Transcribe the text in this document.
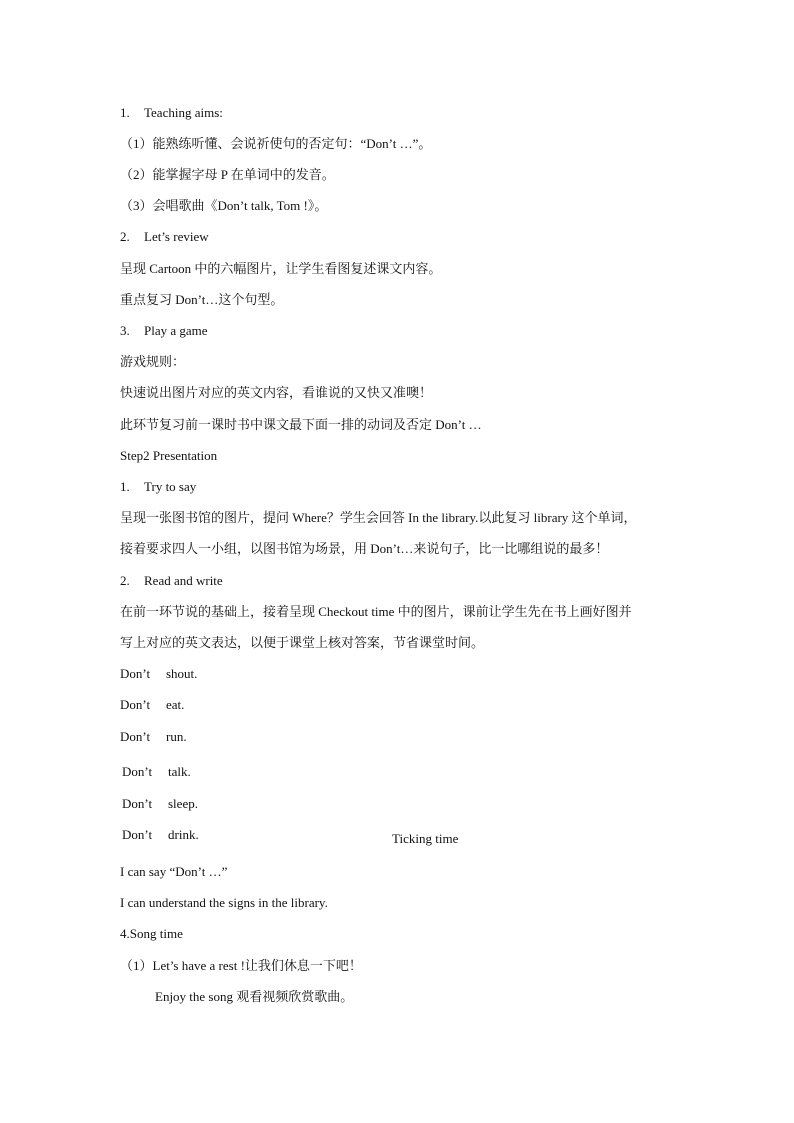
1. Teaching aims:
（1）能熟练听懂、会说祈使句的否定句：“Don’t …”。
（2）能掌握字母 P 在单词中的发音。
（3）会唱歌曲《Don’t talk, Tom !》。
2. Let’s review
呈现 Cartoon 中的六幅图片，让学生看图复述课文内容。
重点复习 Don’t…这个句型。
3. Play a game
游戏规则：
快速说出图片对应的英文内容，看谁说的又快又准噢！
此环节复习前一课时书中课文最下面一排的动词及否定 Don’t …
Step2 Presentation
1. Try to say
呈现一张图书馆的图片，提问 Where？学生会回答 In the library.以此复习 library 这个单词，
接着要求四人一小组，以图书馆为场景，用 Don’t…来说句子，比一比哪组说的最多！
2. Read and write
在前一环节说的基础上，接着呈现 Checkout time 中的图片，课前让学生先在书上画好图并
写上对应的英文表达，以便于课堂上核对答案，节省课堂时间。
Don’t shout.
Don’t eat.
Don’t run.
Don’t talk.
Don’t sleep.
Don’t drink.	Ticking time
I can say “Don’t …”
I can understand the signs in the library.
4.Song time
（1）Let’s have a rest !让我们休息一下吧！
Enjoy the song 观看视频欣赏歌曲。
